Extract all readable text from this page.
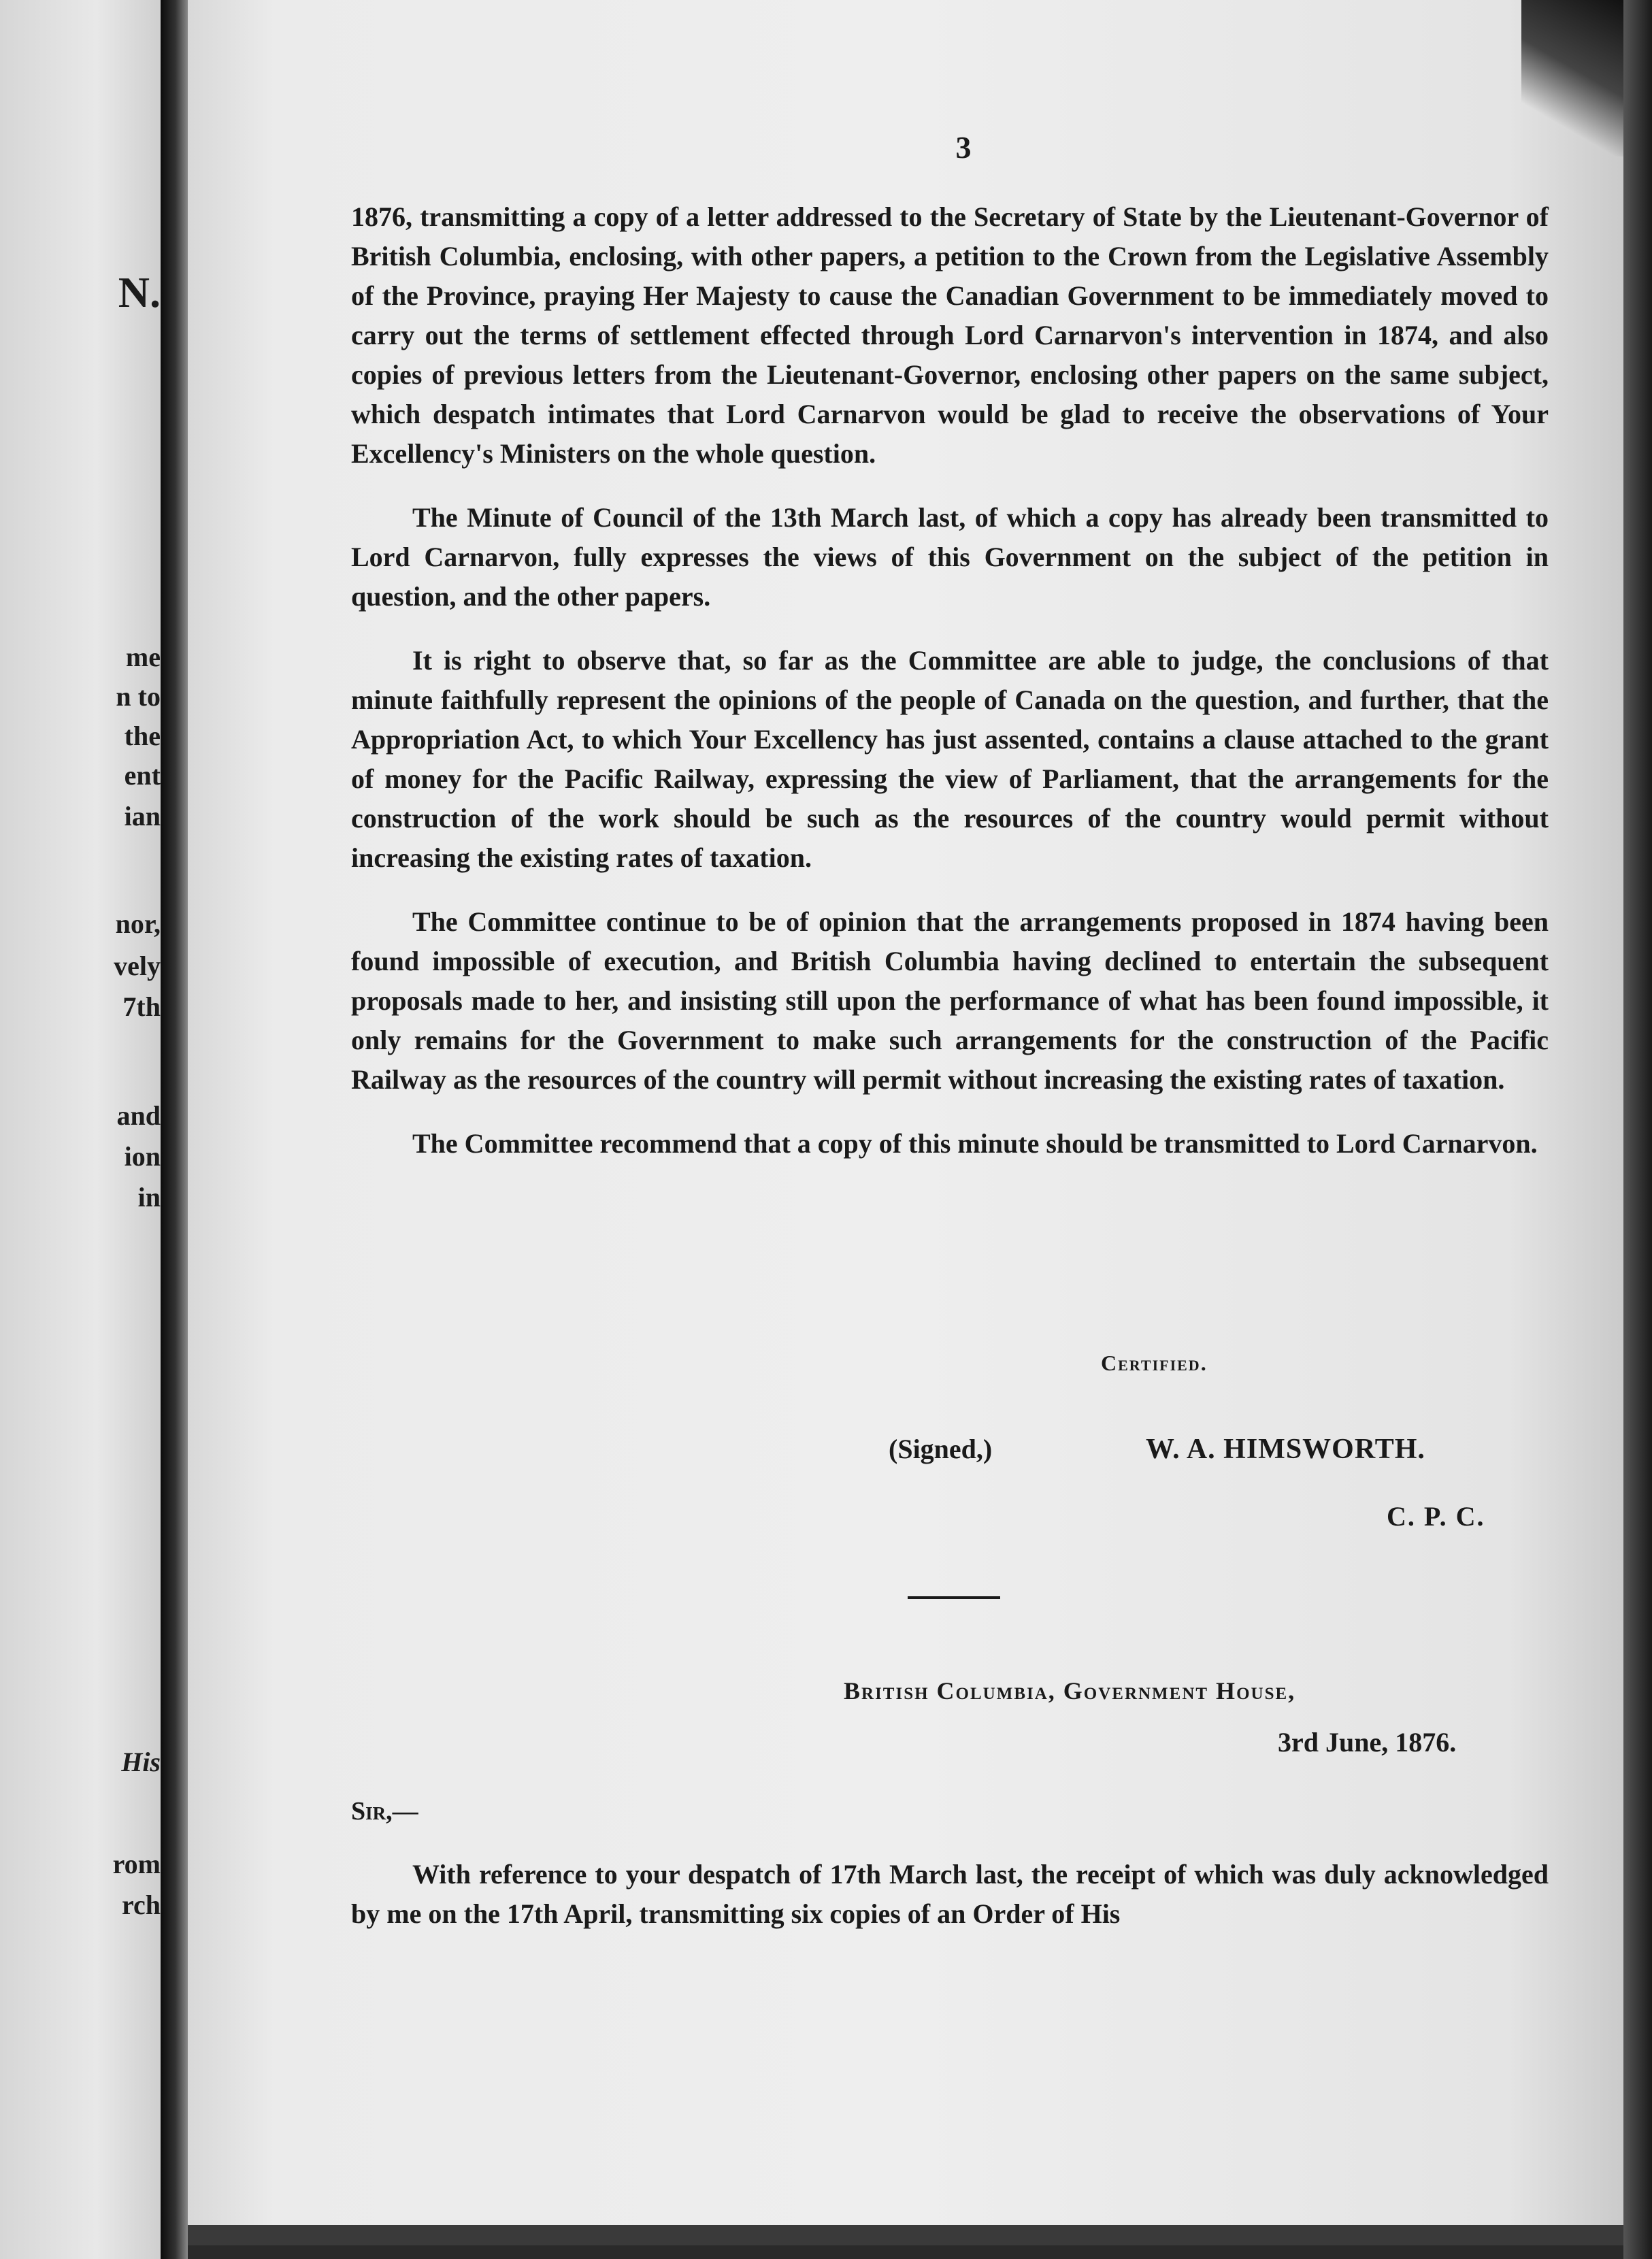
N.

me

n to

the

ent

ian

nor,

vely

7th

and

ion

in

His

rom

rch

3

1876, transmitting a copy of a letter addressed to the Secretary of State by the Lieutenant-Governor of British Columbia, enclosing, with other papers, a petition to the Crown from the Legislative Assembly of the Province, praying Her Majesty to cause the Canadian Government to be immediately moved to carry out the terms of settlement effected through Lord Carnarvon's intervention in 1874, and also copies of previous letters from the Lieutenant-Governor, enclosing other papers on the same subject, which despatch intimates that Lord Carnarvon would be glad to receive the observations of Your Excellency's Ministers on the whole question.

The Minute of Council of the 13th March last, of which a copy has already been transmitted to Lord Carnarvon, fully expresses the views of this Government on the subject of the petition in question, and the other papers.

It is right to observe that, so far as the Committee are able to judge, the conclusions of that minute faithfully represent the opinions of the people of Canada on the question, and further, that the Appropriation Act, to which Your Excellency has just assented, contains a clause attached to the grant of money for the Pacific Railway, expressing the view of Parliament, that the arrangements for the construction of the work should be such as the resources of the country would permit without increasing the existing rates of taxation.

The Committee continue to be of opinion that the arrangements proposed in 1874 having been found impossible of execution, and British Columbia having declined to entertain the subsequent proposals made to her, and insisting still upon the performance of what has been found impossible, it only remains for the Government to make such arrangements for the construction of the Pacific Railway as the resources of the country will permit without increasing the existing rates of taxation.

The Committee recommend that a copy of this minute should be transmitted to Lord Carnarvon.

Certified.

(Signed,)	W. A. HIMSWORTH.

C. P. C.

British Columbia, Government House,

3rd June, 1876.

Sir,—

With reference to your despatch of 17th March last, the receipt of which was duly acknowledged by me on the 17th April, transmitting six copies of an Order of His
